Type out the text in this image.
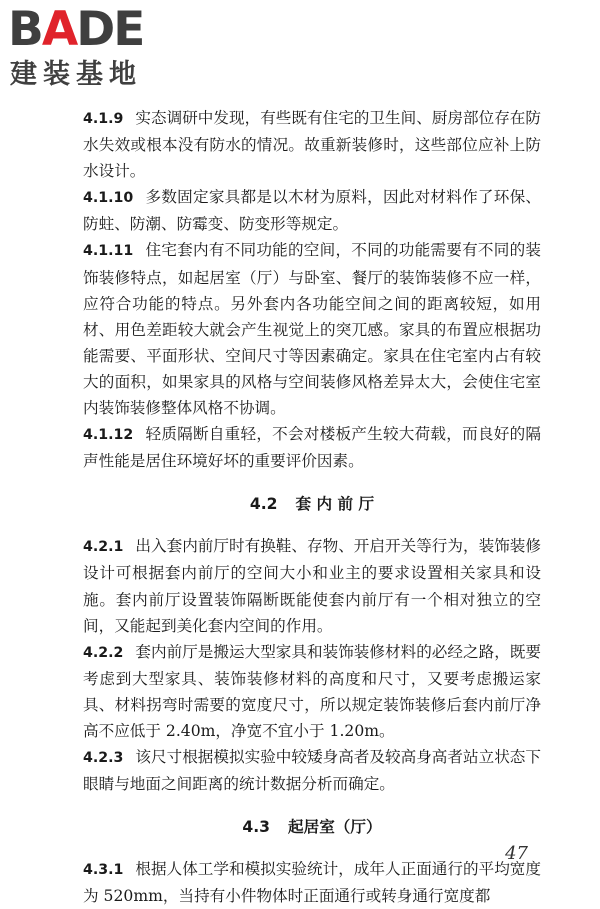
BADE
建装基地

4.1.9 实态调研中发现，有些既有住宅的卫生间、厨房部位存在防水失效或根本没有防水的情况。故重新装修时，这些部位应补上防水设计。

4.1.10 多数固定家具都是以木材为原料，因此对材料作了环保、防蛀、防潮、防霉变、防变形等规定。

4.1.11 住宅套内有不同功能的空间，不同的功能需要有不同的装饰装修特点，如起居室（厅）与卧室、餐厅的装饰装修不应一样，应符合功能的特点。另外套内各功能空间之间的距离较短，如用材、用色差距较大就会产生视觉上的突兀感。家具的布置应根据功能需要、平面形状、空间尺寸等因素确定。家具在住宅室内占有较大的面积，如果家具的风格与空间装修风格差异太大，会使住宅室内装饰装修整体风格不协调。

4.1.12 轻质隔断自重轻，不会对楼板产生较大荷载，而良好的隔声性能是居住环境好坏的重要评价因素。

4.2 套 内 前 厅

4.2.1 出入套内前厅时有换鞋、存物、开启开关等行为，装饰装修设计可根据套内前厅的空间大小和业主的要求设置相关家具和设施。套内前厅设置装饰隔断既能使套内前厅有一个相对独立的空间，又能起到美化套内空间的作用。

4.2.2 套内前厅是搬运大型家具和装饰装修材料的必经之路，既要考虑到大型家具、装饰装修材料的高度和尺寸，又要考虑搬运家具、材料拐弯时需要的宽度尺寸，所以规定装饰装修后套内前厅净高不应低于 2.40m，净宽不宜小于 1.20m。

4.2.3 该尺寸根据模拟实验中较矮身高者及较高身高者站立状态下眼睛与地面之间距离的统计数据分析而确定。

4.3 起居室（厅）

4.3.1 根据人体工学和模拟实验统计，成年人正面通行的平均宽度为 520mm，当持有小件物体时正面通行或转身通行宽度都

47
